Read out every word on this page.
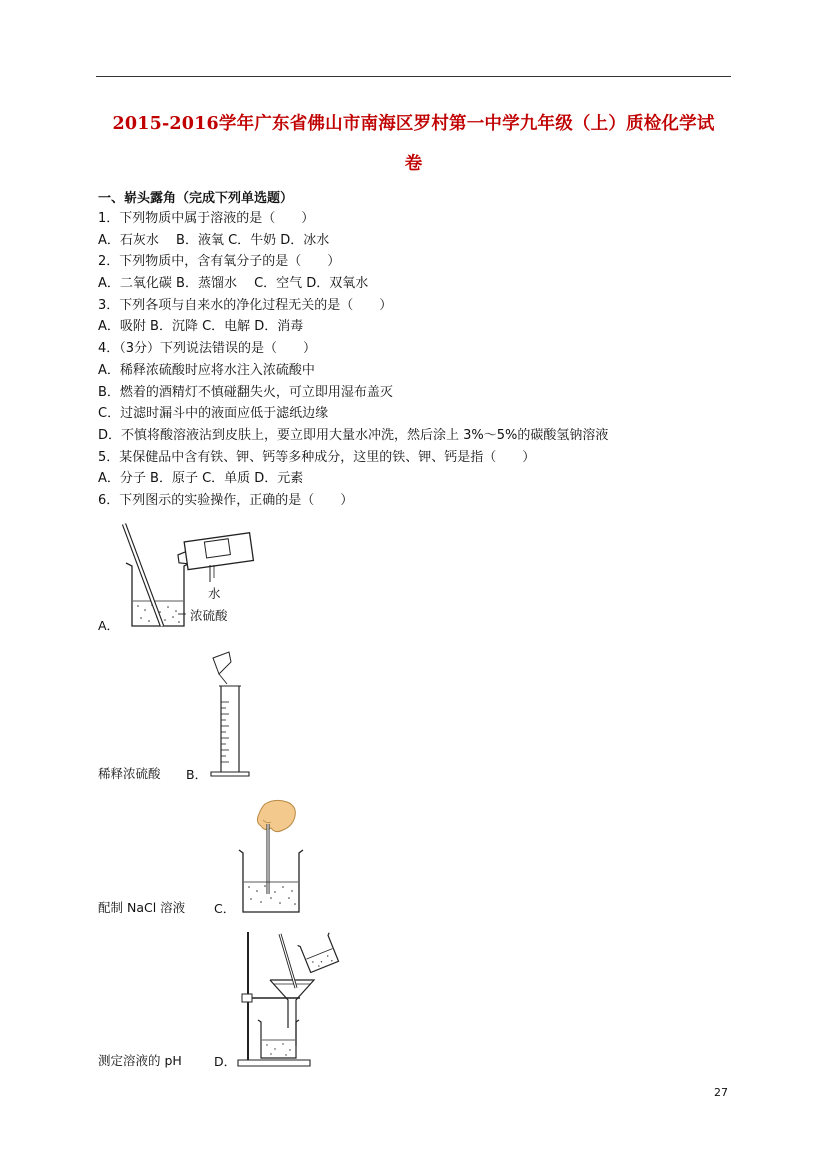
2015-2016学年广东省佛山市南海区罗村第一中学九年级（上）质检化学试
卷
一、崭头露角（完成下列单选题）
1．下列物质中属于溶液的是（　　）
A．石灰水　 B．液氧 C．牛奶 D．冰水
2．下列物质中，含有氧分子的是（　　）
A．二氧化碳 B．蒸馏水　 C．空气 D．双氧水
3．下列各项与自来水的净化过程无关的是（　　）
A．吸附 B．沉降 C．电解 D．消毒
4．（3分）下列说法错误的是（　　）
A．稀释浓硫酸时应将水注入浓硫酸中
B．燃着的酒精灯不慎碰翻失火，可立即用湿布盖灭
C．过滤时漏斗中的液面应低于滤纸边缘
D．不慎将酸溶液沾到皮肤上，要立即用大量水冲洗，然后涂上 3%～5%的碳酸氢钠溶液
5．某保健品中含有铁、钾、钙等多种成分，这里的铁、钾、钙是指（　　）
A．分子 B．原子 C．单质 D．元素
6．下列图示的实验操作，正确的是（　　）
A．
水
浓硫酸
稀释浓硫酸 B．
配制 NaCl 溶液 C．
测定溶液的 pH	D．
27
